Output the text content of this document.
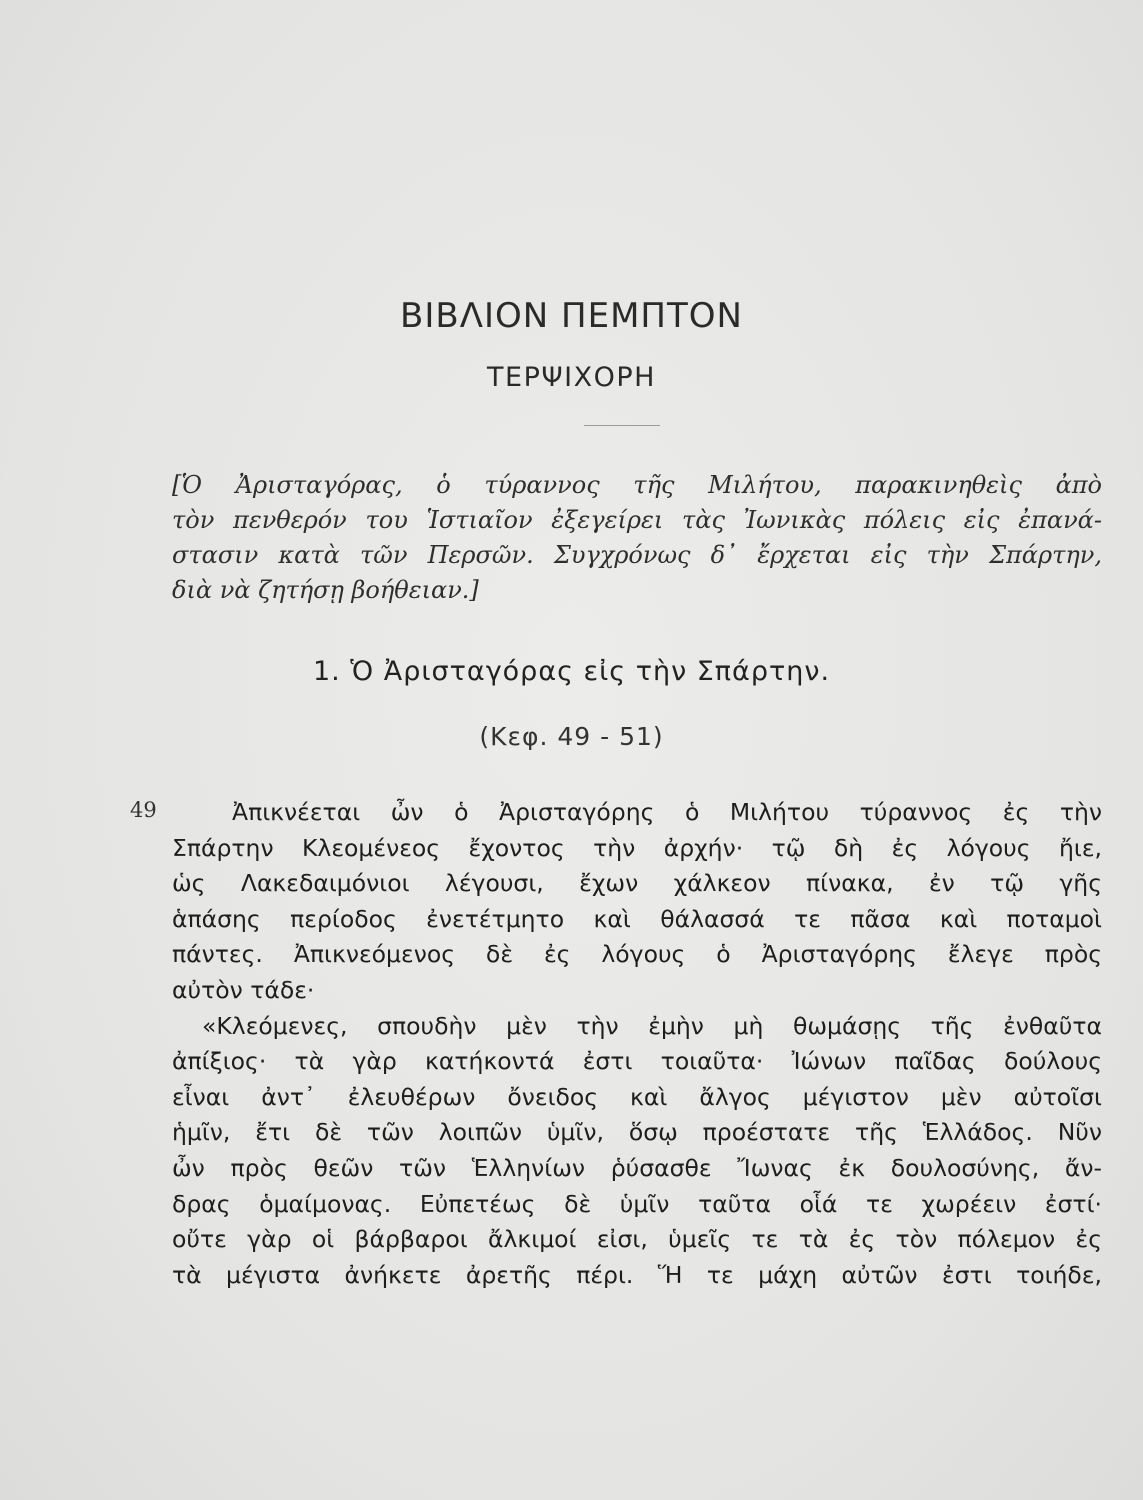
ΒΙΒΛΙΟΝ ΠΕΜΠΤΟΝ
ΤΕΡΨΙΧΟΡΗ
[Ὁ Ἀρισταγόρας, ὁ τύραννος τῆς Μιλήτου, παρακινηθεὶς ἀπὸ
τὸν πενθερόν του Ἱστιαῖον ἐξεγείρει τὰς Ἰωνικὰς πόλεις εἰς ἐπανά-
στασιν κατὰ τῶν Περσῶν. Συγχρόνως δ᾽ ἔρχεται εἰς τὴν Σπάρτην,
διὰ νὰ ζητήσῃ βοήθειαν.]
1. Ὁ Ἀρισταγόρας εἰς τὴν Σπάρτην.
(Κεφ. 49 - 51)
49	Ἀπικνέεται ὦν ὁ Ἀρισταγόρης ὁ Μιλήτου τύραννος ἐς τὴν
Σπάρτην Κλεομένεος ἔχοντος τὴν ἀρχήν· τῷ δὴ ἐς λόγους ἤιε,
ὡς Λακεδαιμόνιοι λέγουσι, ἔχων χάλκεον πίνακα, ἐν τῷ γῆς
ἁπάσης περίοδος ἐνετέτμητο καὶ θάλασσά τε πᾶσα καὶ ποταμοὶ
πάντες. Ἀπικνεόμενος δὲ ἐς λόγους ὁ Ἀρισταγόρης ἔλεγε πρὸς
αὐτὸν τάδε·
«Κλεόμενες, σπουδὴν μὲν τὴν ἐμὴν μὴ θωμάσῃς τῆς ἐνθαῦτα
ἀπίξιος· τὰ γὰρ κατήκοντά ἐστι τοιαῦτα· Ἰώνων παῖδας δούλους
εἶναι ἀντ᾽ ἐλευθέρων ὄνειδος καὶ ἄλγος μέγιστον μὲν αὐτοῖσι
ἡμῖν, ἔτι δὲ τῶν λοιπῶν ὑμῖν, ὅσῳ προέστατε τῆς Ἑλλάδος. Νῦν
ὦν πρὸς θεῶν τῶν Ἑλληνίων ῥύσασθε Ἴωνας ἐκ δουλοσύνης, ἄν-
δρας ὁμαίμονας. Εὐπετέως δὲ ὑμῖν ταῦτα οἷά τε χωρέειν ἐστί·
οὔτε γὰρ οἱ βάρβαροι ἄλκιμοί εἰσι, ὑμεῖς τε τὰ ἐς τὸν πόλεμον ἐς
τὰ μέγιστα ἀνήκετε ἀρετῆς πέρι. Ἥ τε μάχη αὐτῶν ἐστι τοιήδε,
